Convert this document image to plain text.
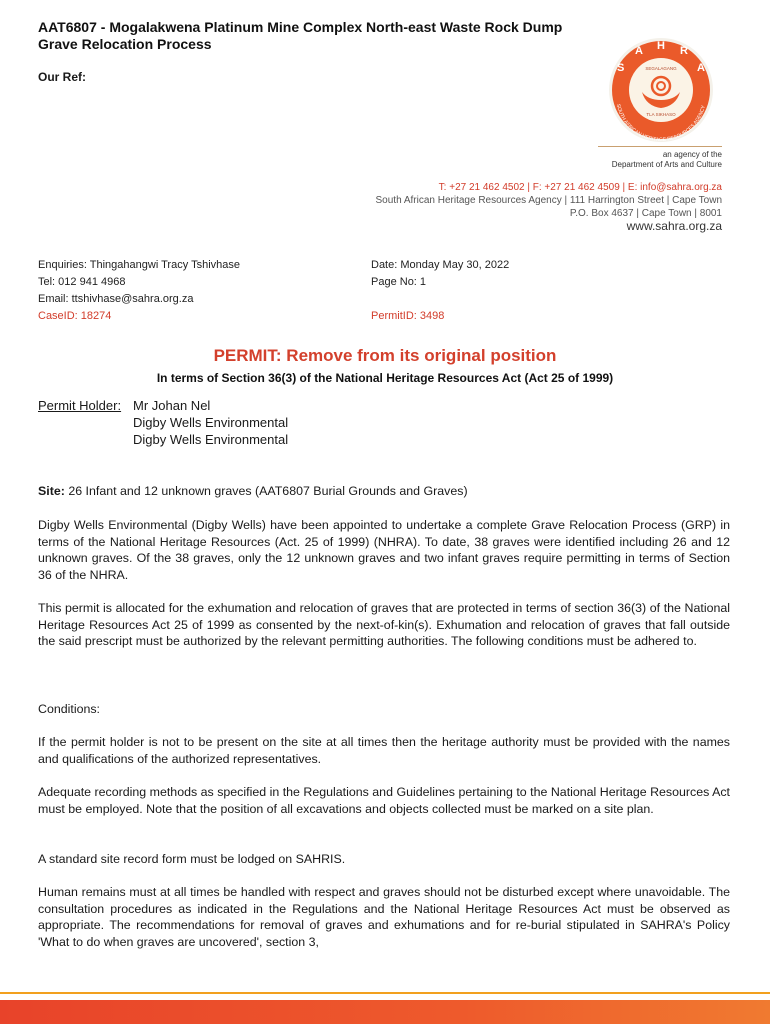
AAT6807 - Mogalakwena Platinum Mine Complex North-east Waste Rock Dump
Grave Relocation Process
Our Ref:
S
A H R
A
SOUTH AFRICAN HERITAGE RESOURCES AGENCY
SEGALAGANG
TLA SIKHASO
an agency of the
Department of Arts and Culture
T: +27 21 462 4502 | F: +27 21 462 4509 | E: info@sahra.org.za
South African Heritage Resources Agency | 111 Harrington Street | Cape Town
P.O. Box 4637 | Cape Town | 8001
www.sahra.org.za
Enquiries: Thingahangwi Tracy Tshivhase
Tel: 012 941 4968
Email: ttshivhase@sahra.org.za
CaseID: 18274
Date: Monday May 30, 2022
Page No: 1
PermitID: 3498
PERMIT: Remove from its original position
In terms of Section 36(3) of the National Heritage Resources Act (Act 25 of 1999)
Permit Holder: Mr Johan Nel
Digby Wells Environmental
Digby Wells Environmental
Site: 26 Infant and 12 unknown graves (AAT6807 Burial Grounds and Graves)
Digby Wells Environmental (Digby Wells) have been appointed to undertake a complete Grave Relocation Process (GRP) in terms of the National Heritage Resources (Act. 25 of 1999) (NHRA). To date, 38 graves were identified including 26 and 12 unknown graves. Of the 38 graves, only the 12 unknown graves and two infant graves require permitting in terms of Section 36 of the NHRA.
This permit is allocated for the exhumation and relocation of graves that are protected in terms of section 36(3) of the National Heritage Resources Act 25 of 1999 as consented by the next-of-kin(s). Exhumation and relocation of graves that fall outside the said prescript must be authorized by the relevant permitting authorities. The following conditions must be adhered to.
Conditions:
If the permit holder is not to be present on the site at all times then the heritage authority must be provided with the names and qualifications of the authorized representatives.
Adequate recording methods as specified in the Regulations and Guidelines pertaining to the National Heritage Resources Act must be employed. Note that the position of all excavations and objects collected must be marked on a site plan.
A standard site record form must be lodged on SAHRIS.
Human remains must at all times be handled with respect and graves should not be disturbed except where unavoidable. The consultation procedures as indicated in the Regulations and the National Heritage Resources Act must be observed as appropriate. The recommendations for removal of graves and exhumations and for re-burial stipulated in SAHRA's Policy 'What to do when graves are uncovered', section 3,
